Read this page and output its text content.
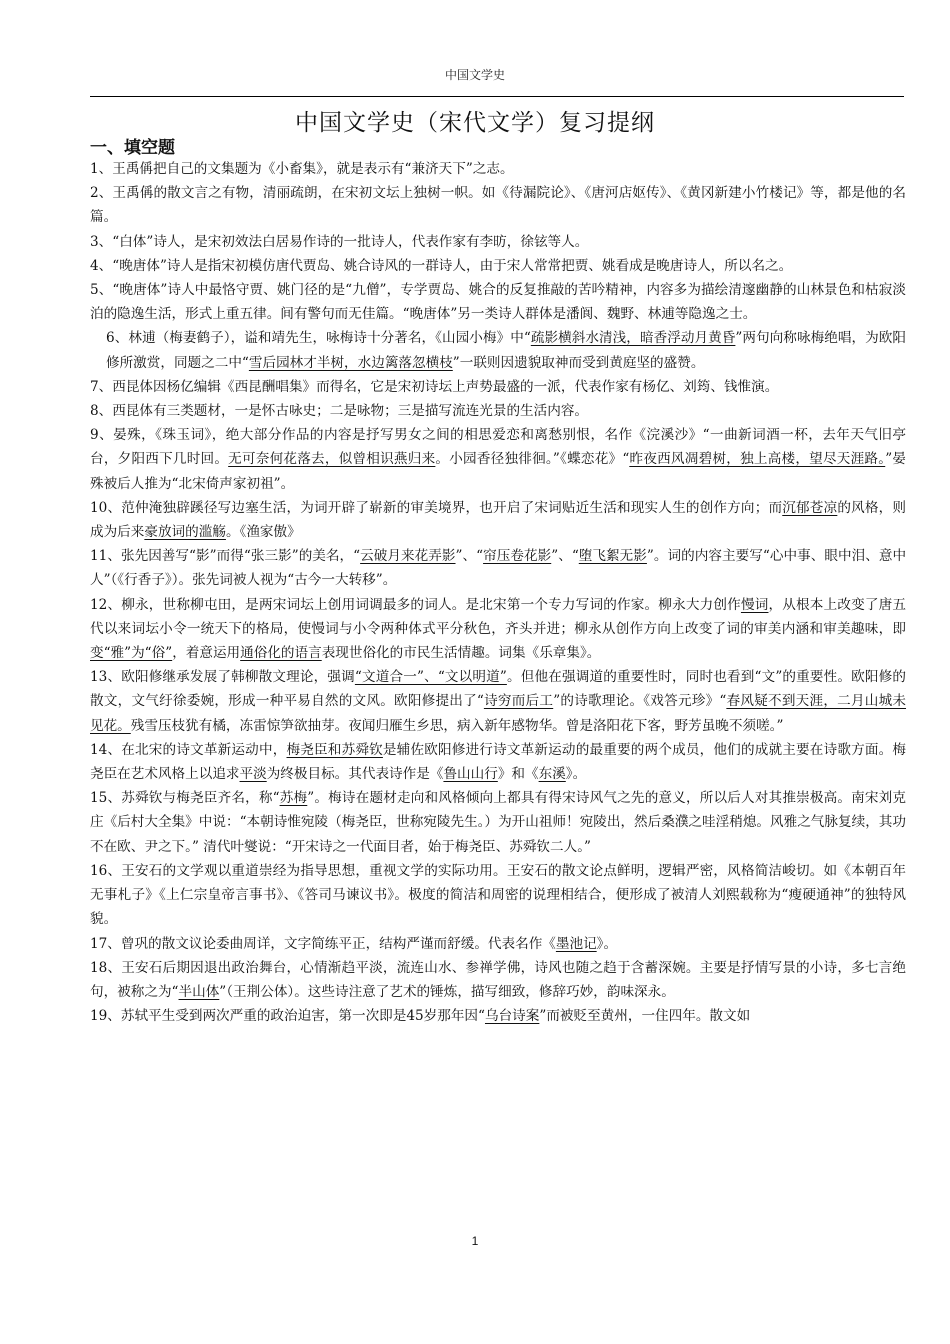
中国文学史
中国文学史（宋代文学）复习提纲
一、填空题

1、王禹偁把自己的文集题为《小畜集》，就是表示有“兼济天下”之志。

2、王禹偁的散文言之有物，清丽疏朗，在宋初文坛上独树一帜。如《待漏院论》、《唐河店妪传》、《黄冈新建小竹楼记》等，都是他的名篇。

3、“白体”诗人，是宋初效法白居易作诗的一批诗人，代表作家有李昉，徐铉等人。

4、“晚唐体”诗人是指宋初模仿唐代贾岛、姚合诗风的一群诗人，由于宋人常常把贾、姚看成是晚唐诗人，所以名之。

5、“晚唐体”诗人中最恪守贾、姚门径的是“九僧”，专学贾岛、姚合的反复推敲的苦吟精神，内容多为描绘清邃幽静的山林景色和枯寂淡泊的隐逸生活，形式上重五律。间有警句而无佳篇。“晚唐体”另一类诗人群体是潘阆、魏野、林逋等隐逸之士。

6、林逋（梅妻鹤子），谥和靖先生，咏梅诗十分著名，《山园小梅》中“疏影横斜水清浅，暗香浮动月黄昏”两句向称咏梅绝唱，为欧阳修所激赏，同题之二中“雪后园林才半树，水边篱落忽横枝”一联则因遗貌取神而受到黄庭坚的盛赞。

7、西昆体因杨亿编辑《西昆酬唱集》而得名，它是宋初诗坛上声势最盛的一派，代表作家有杨亿、刘筠、钱惟演。

8、西昆体有三类题材，一是怀古咏史；二是咏物；三是描写流连光景的生活内容。

9、晏殊，《珠玉词》，绝大部分作品的内容是抒写男女之间的相思爱恋和离愁别恨，名作《浣溪沙》“一曲新词酒一杯，去年天气旧亭台，夕阳西下几时回。无可奈何花落去，似曾相识燕归来。小园香径独徘徊。”《蝶恋花》“昨夜西风凋碧树，独上高楼，望尽天涯路。”晏殊被后人推为“北宋倚声家初祖”。

10、范仲淹独辟蹊径写边塞生活，为词开辟了崭新的审美境界，也开启了宋词贴近生活和现实人生的创作方向；而沉郁苍凉的风格，则成为后来豪放词的滥觞。《渔家傲》

11、张先因善写“影”而得“张三影”的美名，“云破月来花弄影”、“帘压卷花影”、“堕飞絮无影”。词的内容主要写“心中事、眼中泪、意中人”（《行香子》）。张先词被人视为“古今一大转移”。

12、柳永，世称柳屯田，是两宋词坛上创用词调最多的词人。是北宋第一个专力写词的作家。柳永大力创作慢词，从根本上改变了唐五代以来词坛小令一统天下的格局，使慢词与小令两种体式平分秋色，齐头并进；柳永从创作方向上改变了词的审美内涵和审美趣味，即变“雅”为“俗”，着意运用通俗化的语言表现世俗化的市民生活情趣。词集《乐章集》。

13、欧阳修继承发展了韩柳散文理论，强调“文道合一”、“文以明道”。但他在强调道的重要性时，同时也看到“文”的重要性。欧阳修的散文，文气纡徐委婉，形成一种平易自然的文风。欧阳修提出了“诗穷而后工”的诗歌理论。《戏答元珍》“春风疑不到天涯，二月山城未见花。残雪压枝犹有橘，冻雷惊笋欲抽芽。夜闻归雁生乡思，病入新年感物华。曾是洛阳花下客，野芳虽晚不须嗟。”

14、在北宋的诗文革新运动中，梅尧臣和苏舜钦是辅佐欧阳修进行诗文革新运动的最重要的两个成员，他们的成就主要在诗歌方面。梅尧臣在艺术风格上以追求平淡为终极目标。其代表诗作是《鲁山山行》和《东溪》。

15、苏舜钦与梅尧臣齐名，称“苏梅”。梅诗在题材走向和风格倾向上都具有得宋诗风气之先的意义，所以后人对其推崇极高。南宋刘克庄《后村大全集》中说：“本朝诗惟宛陵（梅尧臣，世称宛陵先生。）为开山祖师！宛陵出，然后桑濮之哇淫稍熄。风雅之气脉复续，其功不在欧、尹之下。” 清代叶燮说：“开宋诗之一代面目者，始于梅尧臣、苏舜钦二人。”

16、王安石的文学观以重道崇经为指导思想，重视文学的实际功用。王安石的散文论点鲜明，逻辑严密，风格简洁峻切。如《本朝百年无事札子》《上仁宗皇帝言事书》、《答司马谏议书》。极度的简洁和周密的说理相结合，便形成了被清人刘熙载称为“瘦硬通神”的独特风貌。

17、曾巩的散文议论委曲周详，文字简练平正，结构严谨而舒缓。代表名作《墨池记》。

18、王安石后期因退出政治舞台，心情渐趋平淡，流连山水、参禅学佛，诗风也随之趋于含蓄深婉。主要是抒情写景的小诗，多七言绝句，被称之为“半山体”（王荆公体）。这些诗注意了艺术的锤炼，描写细致，修辞巧妙，韵味深永。

19、苏轼平生受到两次严重的政治迫害，第一次即是45岁那年因“乌台诗案”而被贬至黄州，一住四年。散文如

1
